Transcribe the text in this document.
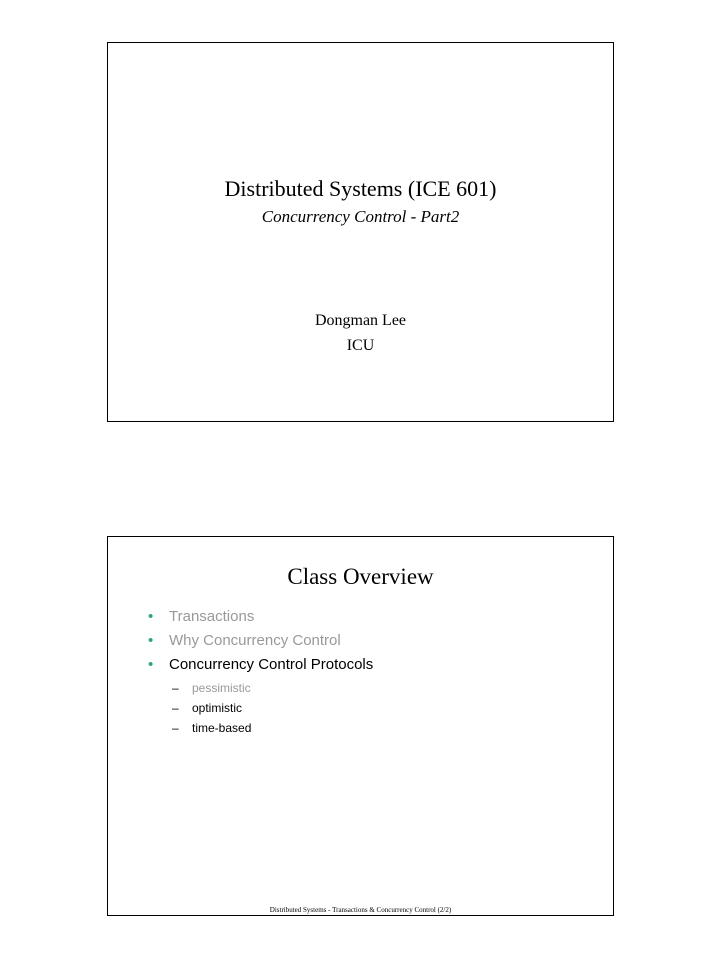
Distributed Systems (ICE 601)
Concurrency Control - Part2
Dongman Lee
ICU
Class Overview
• Transactions
• Why Concurrency Control
• Concurrency Control Protocols
– pessimistic
– optimistic
– time-based
Distributed Systems - Transactions & Concurrency Control (2/2)
